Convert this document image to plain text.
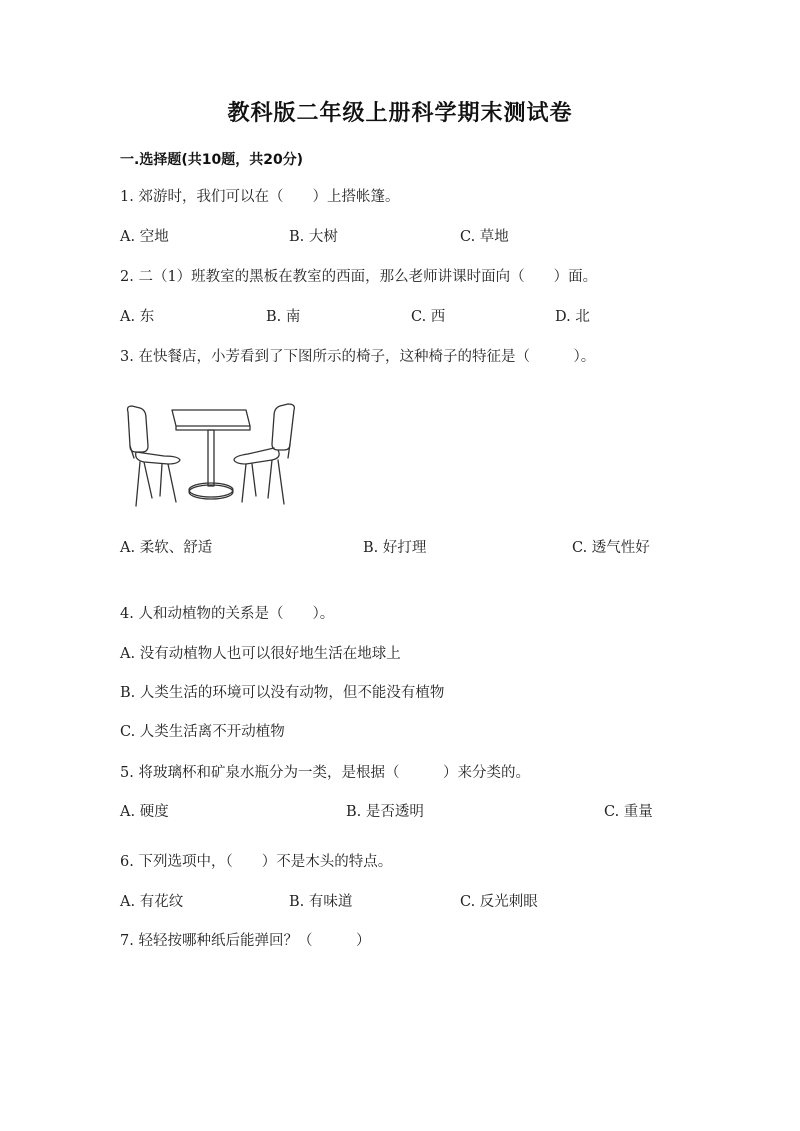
教科版二年级上册科学期末测试卷
一.选择题(共10题，共20分)
1. 郊游时，我们可以在（　　）上搭帐篷。
A. 空地	B. 大树	C. 草地
2. 二（1）班教室的黑板在教室的西面，那么老师讲课时面向（　　）面。
A. 东	B. 南	C. 西	D. 北
3. 在快餐店，小芳看到了下图所示的椅子，这种椅子的特征是（　　　）。
A. 柔软、舒适	B. 好打理	C. 透气性好
4. 人和动植物的关系是（　　）。
A. 没有动植物人也可以很好地生活在地球上
B. 人类生活的环境可以没有动物，但不能没有植物
C. 人类生活离不开动植物
5. 将玻璃杯和矿泉水瓶分为一类，是根据（　　　）来分类的。
A. 硬度	B. 是否透明	C. 重量
6. 下列选项中，（　　）不是木头的特点。
A. 有花纹	B. 有味道	C. 反光刺眼
7. 轻轻按哪种纸后能弹回？（　　　）
